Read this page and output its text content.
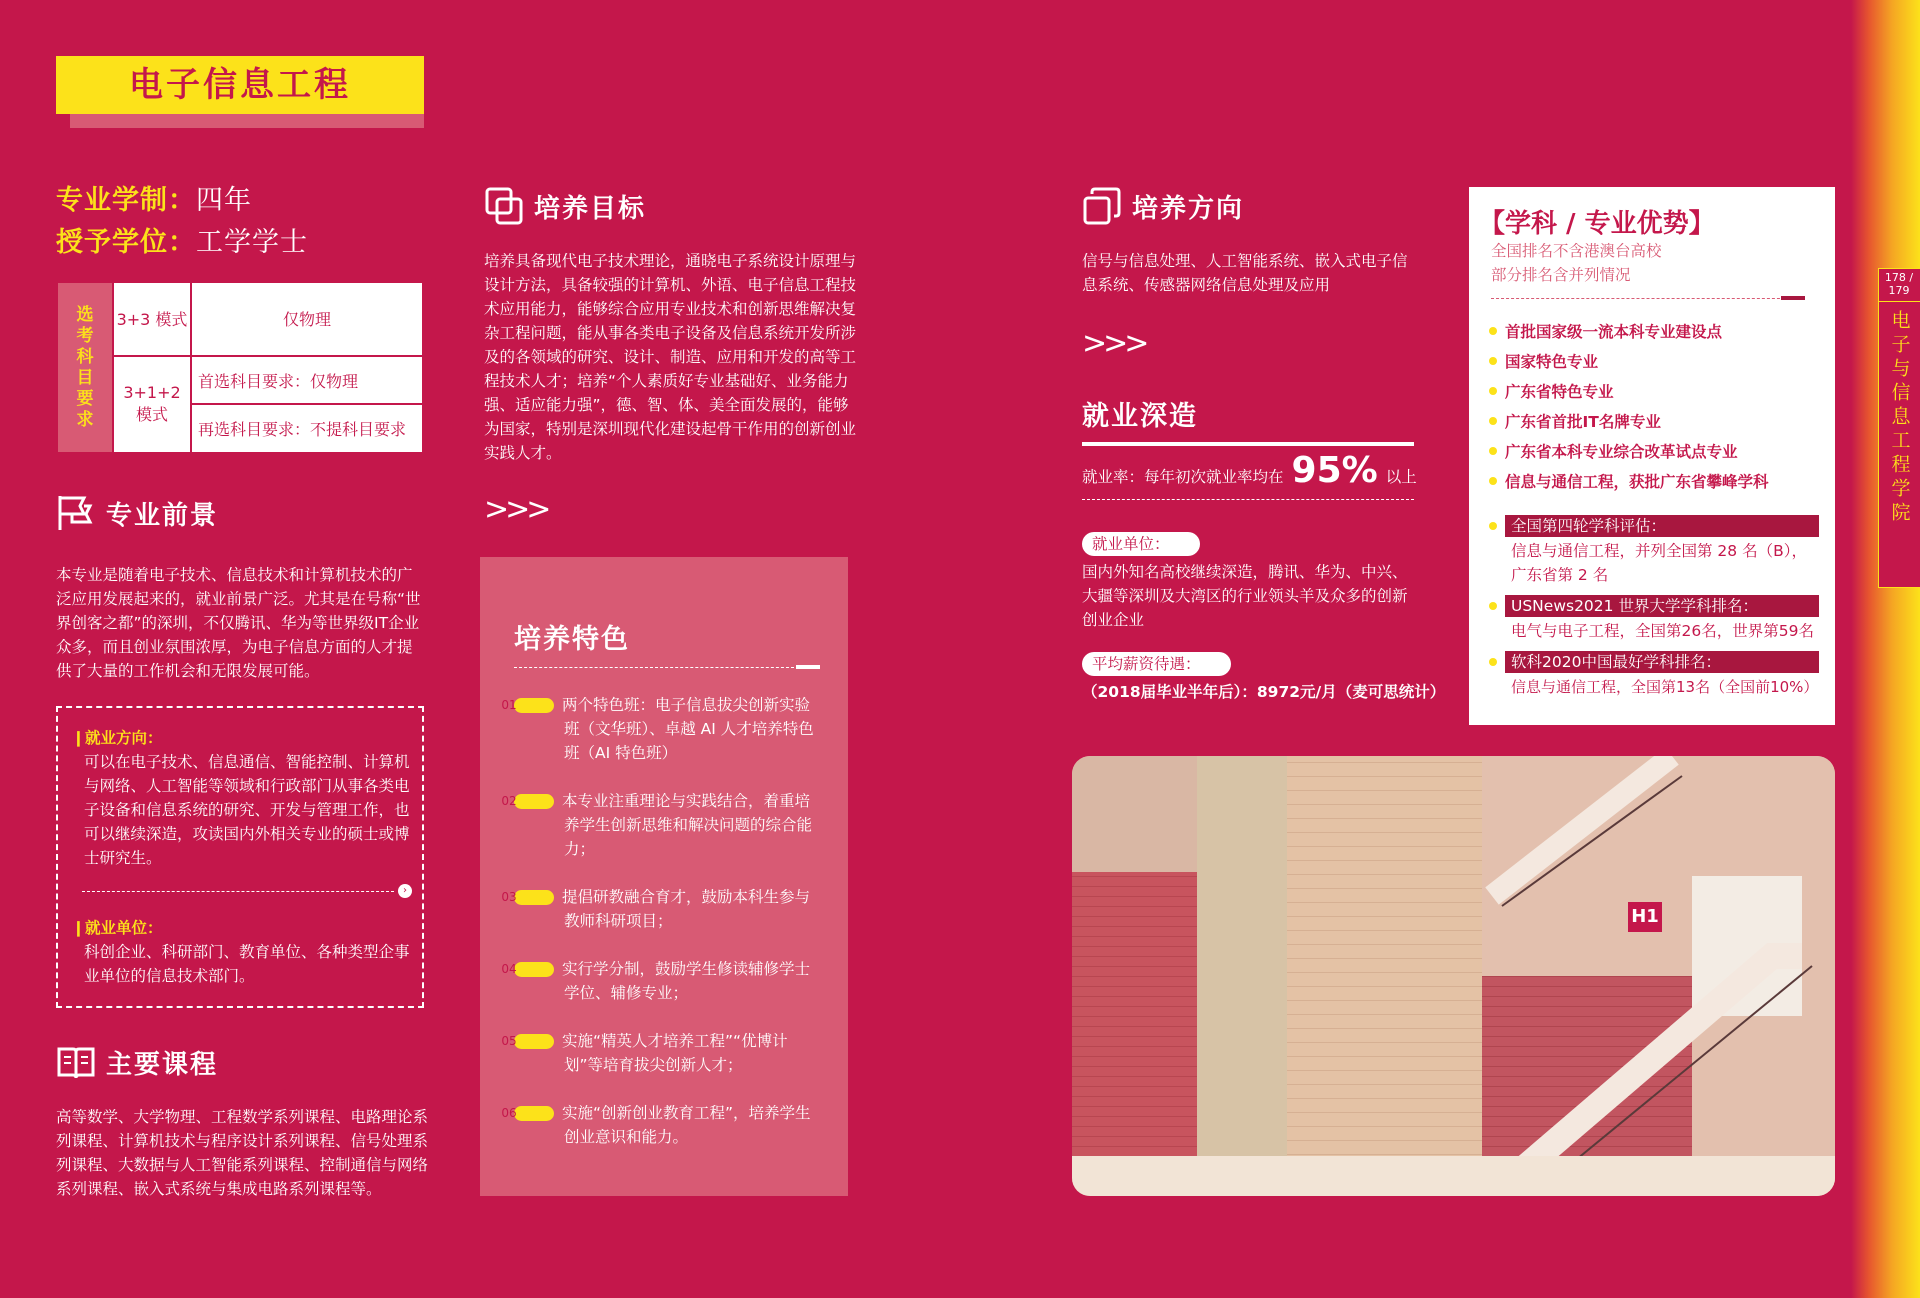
电子信息工程
专业学制：四年
授予学位：工学学士
选考科目要求	3+3 模式	仅物理
	3+1+2 模式	首选科目要求：仅物理
		再选科目要求：不提科目要求
专业前景
本专业是随着电子技术、信息技术和计算机技术的广泛应用发展起来的，就业前景广泛。尤其是在号称“世界创客之都”的深圳，不仅腾讯、华为等世界级IT企业众多，而且创业氛围浓厚，为电子信息方面的人才提供了大量的工作机会和无限发展可能。
❙就业方向：
可以在电子技术、信息通信、智能控制、计算机与网络、人工智能等领域和行政部门从事各类电子设备和信息系统的研究、开发与管理工作，也可以继续深造，攻读国内外相关专业的硕士或博士研究生。
›
❙就业单位：
科创企业、科研部门、教育单位、各种类型企事业单位的信息技术部门。
主要课程
高等数学、大学物理、工程数学系列课程、电路理论系列课程、计算机技术与程序设计系列课程、信号处理系列课程、大数据与人工智能系列课程、控制通信与网络系列课程、嵌入式系统与集成电路系列课程等。
培养目标
培养具备现代电子技术理论，通晓电子系统设计原理与设计方法，具备较强的计算机、外语、电子信息工程技术应用能力，能够综合应用专业技术和创新思维解决复杂工程问题，能从事各类电子设备及信息系统开发所涉及的各领域的研究、设计、制造、应用和开发的高等工程技术人才；培养“个人素质好专业基础好、业务能力强、适应能力强”，德、智、体、美全面发展的，能够为国家，特别是深圳现代化建设起骨干作用的创新创业实践人才。
>>>
培养特色
01	两个特色班：电子信息拔尖创新实验班（文华班）、卓越 AI 人才培养特色班（AI 特色班）
02	本专业注重理论与实践结合，着重培养学生创新思维和解决问题的综合能力；
03	提倡研教融合育才，鼓励本科生参与教师科研项目；
04	实行学分制，鼓励学生修读辅修学士学位、辅修专业；
05	实施“精英人才培养工程”“优博计划”等培育拔尖创新人才；
06	实施“创新创业教育工程”，培养学生创业意识和能力。
培养方向
信号与信息处理、人工智能系统、嵌入式电子信息系统、传感器网络信息处理及应用
>>>
就业深造
就业率：每年初次就业率均在 95% 以上
就业单位：
国内外知名高校继续深造，腾讯、华为、中兴、大疆等深圳及大湾区的行业领头羊及众多的创新创业企业
平均薪资待遇：
（2018届毕业半年后）：8972元/月（麦可思统计）
【学科 / 专业优势】
全国排名不含港澳台高校
部分排名含并列情况
首批国家级一流本科专业建设点
国家特色专业
广东省特色专业
广东省首批IT名牌专业
广东省本科专业综合改革试点专业
信息与通信工程，获批广东省攀峰学科
全国第四轮学科评估：
信息与通信工程，并列全国第 28 名（B），广东省第 2 名
USNews2021 世界大学学科排名：
电气与电子工程，全国第26名，世界第59名
软科2020中国最好学科排名：
信息与通信工程，全国第13名（全国前10%）
H1
178 / 179
电子与信息工程学院
